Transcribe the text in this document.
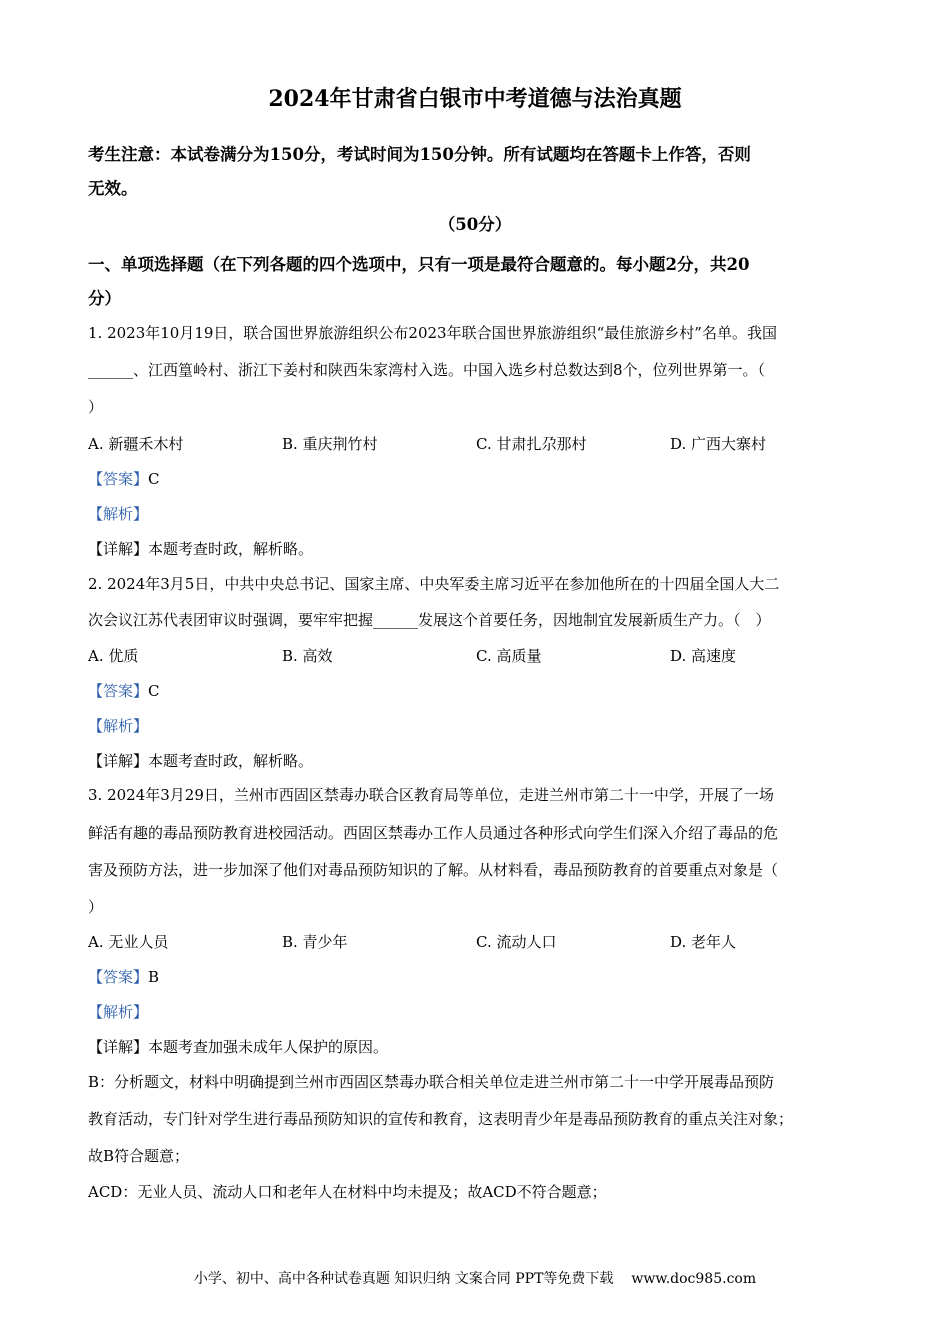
2024年甘肃省白银市中考道德与法治真题
考生注意：本试卷满分为150分，考试时间为150分钟。所有试题均在答题卡上作答，否则
无效。
（50分）
一、单项选择题（在下列各题的四个选项中，只有一项是最符合题意的。每小题2分，共20
分）
1. 2023年10月19日，联合国世界旅游组织公布2023年联合国世界旅游组织“最佳旅游乡村”名单。我国
______、江西篁岭村、浙江下姜村和陕西朱家湾村入选。中国入选乡村总数达到8个，位列世界第一。（
）
A. 新疆禾木村	B. 重庆荆竹村	C. 甘肃扎尕那村	D. 广西大寨村
【答案】C
【解析】
【详解】本题考查时政，解析略。
2. 2024年3月5日，中共中央总书记、国家主席、中央军委主席习近平在参加他所在的十四届全国人大二
次会议江苏代表团审议时强调，要牢牢把握______发展这个首要任务，因地制宜发展新质生产力。（　）
A. 优质	B. 高效	C. 高质量	D. 高速度
【答案】C
【解析】
【详解】本题考查时政，解析略。
3. 2024年3月29日，兰州市西固区禁毒办联合区教育局等单位，走进兰州市第二十一中学，开展了一场
鲜活有趣的毒品预防教育进校园活动。西固区禁毒办工作人员通过各种形式向学生们深入介绍了毒品的危
害及预防方法，进一步加深了他们对毒品预防知识的了解。从材料看，毒品预防教育的首要重点对象是（
）
A. 无业人员	B. 青少年	C. 流动人口	D. 老年人
【答案】B
【解析】
【详解】本题考查加强未成年人保护的原因。
B：分析题文，材料中明确提到兰州市西固区禁毒办联合相关单位走进兰州市第二十一中学开展毒品预防
教育活动，专门针对学生进行毒品预防知识的宣传和教育，这表明青少年是毒品预防教育的重点关注对象；
故B符合题意；
ACD：无业人员、流动人口和老年人在材料中均未提及；故ACD不符合题意；
小学、初中、高中各种试卷真题 知识归纳 文案合同 PPT等免费下载 www.doc985.com
